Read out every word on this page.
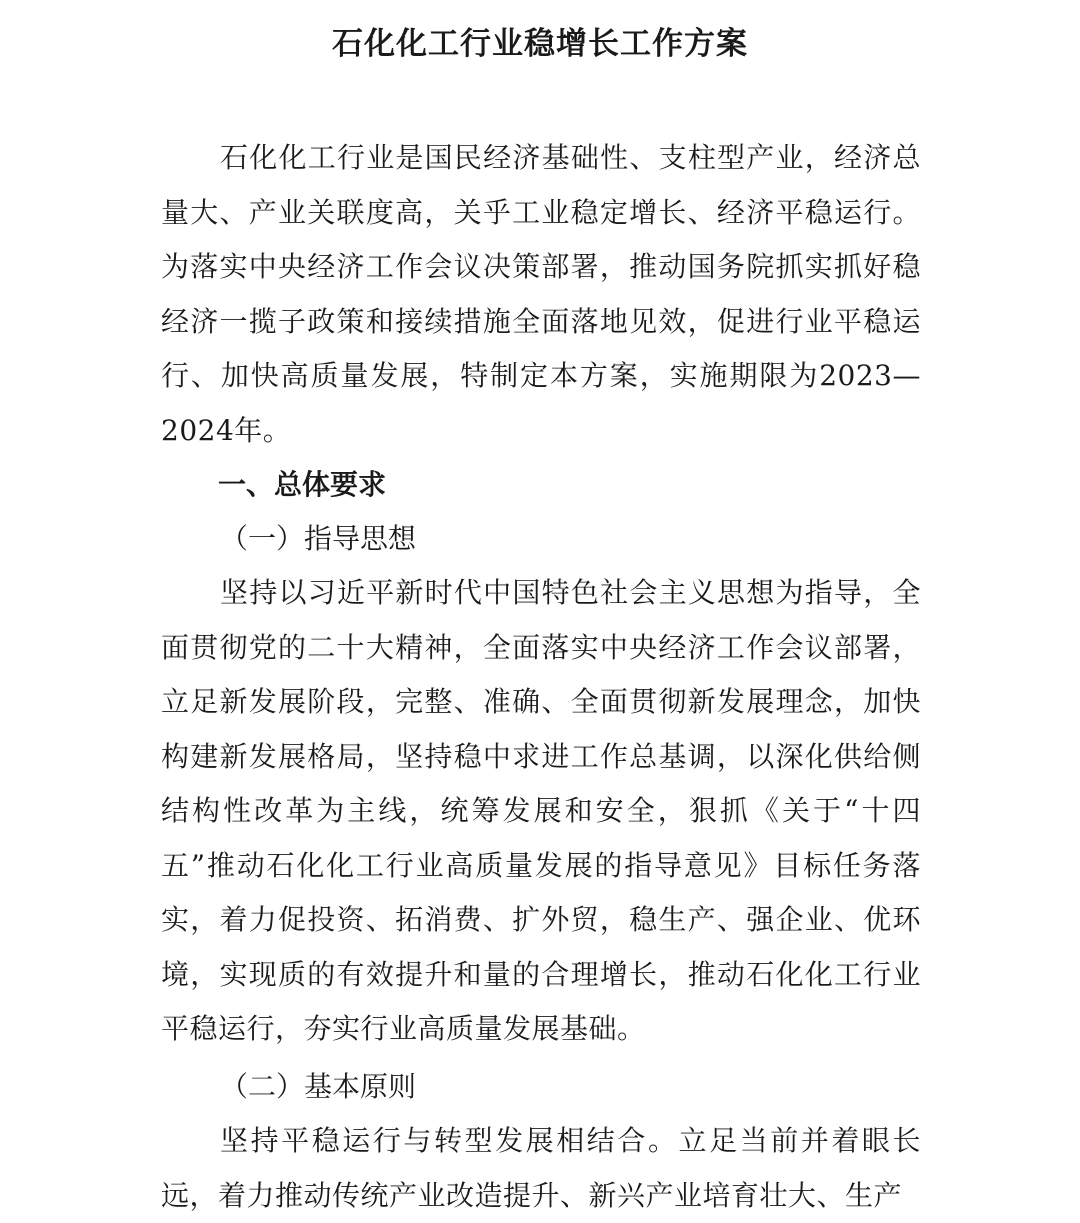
石化化工行业稳增长工作方案

石化化工行业是国民经济基础性、支柱型产业，经济总量大、产业关联度高，关乎工业稳定增长、经济平稳运行。为落实中央经济工作会议决策部署，推动国务院抓实抓好稳经济一揽子政策和接续措施全面落地见效，促进行业平稳运行、加快高质量发展，特制定本方案，实施期限为2023—2024年。

一、总体要求
（一）指导思想

坚持以习近平新时代中国特色社会主义思想为指导，全面贯彻党的二十大精神，全面落实中央经济工作会议部署，立足新发展阶段，完整、准确、全面贯彻新发展理念，加快构建新发展格局，坚持稳中求进工作总基调，以深化供给侧结构性改革为主线，统筹发展和安全，狠抓《关于“十四五”推动石化化工行业高质量发展的指导意见》目标任务落实，着力促投资、拓消费、扩外贸，稳生产、强企业、优环境，实现质的有效提升和量的合理增长，推动石化化工行业平稳运行，夯实行业高质量发展基础。

（二）基本原则

坚持平稳运行与转型发展相结合。立足当前并着眼长远，着力推动传统产业改造提升、新兴产业培育壮大、生产
